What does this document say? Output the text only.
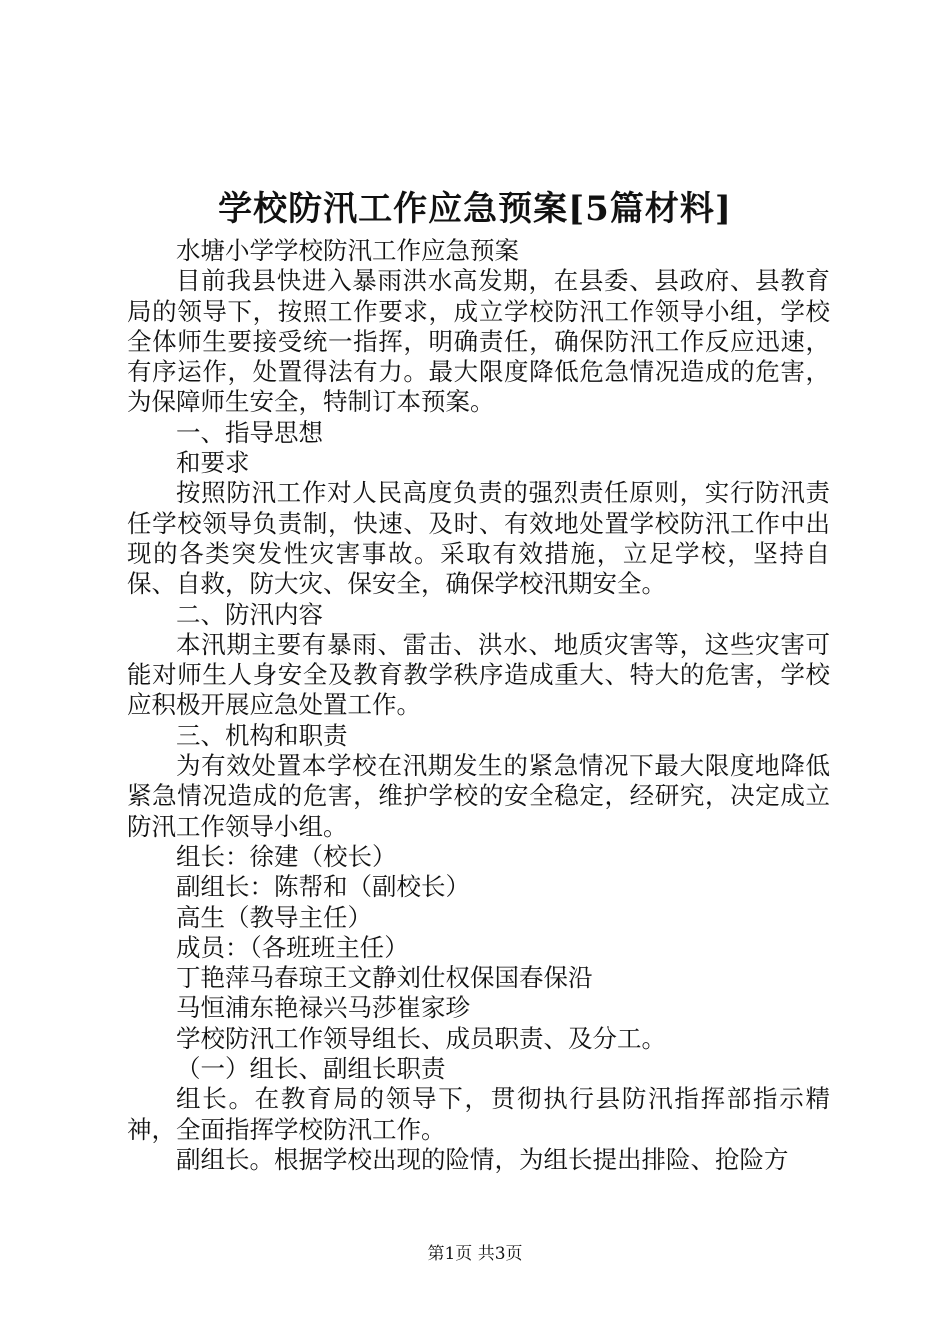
学校防汛工作应急预案[5篇材料]

水塘小学学校防汛工作应急预案

目前我县快进入暴雨洪水高发期，在县委、县政府、县教育局的领导下，按照工作要求，成立学校防汛工作领导小组，学校全体师生要接受统一指挥，明确责任，确保防汛工作反应迅速，有序运作，处置得法有力。最大限度降低危急情况造成的危害，为保障师生安全，特制订本预案。

一、指导思想

和要求

按照防汛工作对人民高度负责的强烈责任原则，实行防汛责任学校领导负责制，快速、及时、有效地处置学校防汛工作中出现的各类突发性灾害事故。采取有效措施，立足学校，坚持自保、自救，防大灾、保安全，确保学校汛期安全。

二、防汛内容

本汛期主要有暴雨、雷击、洪水、地质灾害等，这些灾害可能对师生人身安全及教育教学秩序造成重大、特大的危害，学校应积极开展应急处置工作。

三、机构和职责

为有效处置本学校在汛期发生的紧急情况下最大限度地降低紧急情况造成的危害，维护学校的安全稳定，经研究，决定成立防汛工作领导小组。

组长：徐建（校长）

副组长：陈帮和（副校长）

高生（教导主任）

成员：（各班班主任）

丁艳萍马春琼王文静刘仕权保国春保沿

马恒浦东艳禄兴马莎崔家珍

学校防汛工作领导组长、成员职责、及分工。

（一）组长、副组长职责

组长。在教育局的领导下，贯彻执行县防汛指挥部指示精神，全面指挥学校防汛工作。

副组长。根据学校出现的险情，为组长提出排险、抢险方

第1页 共3页
